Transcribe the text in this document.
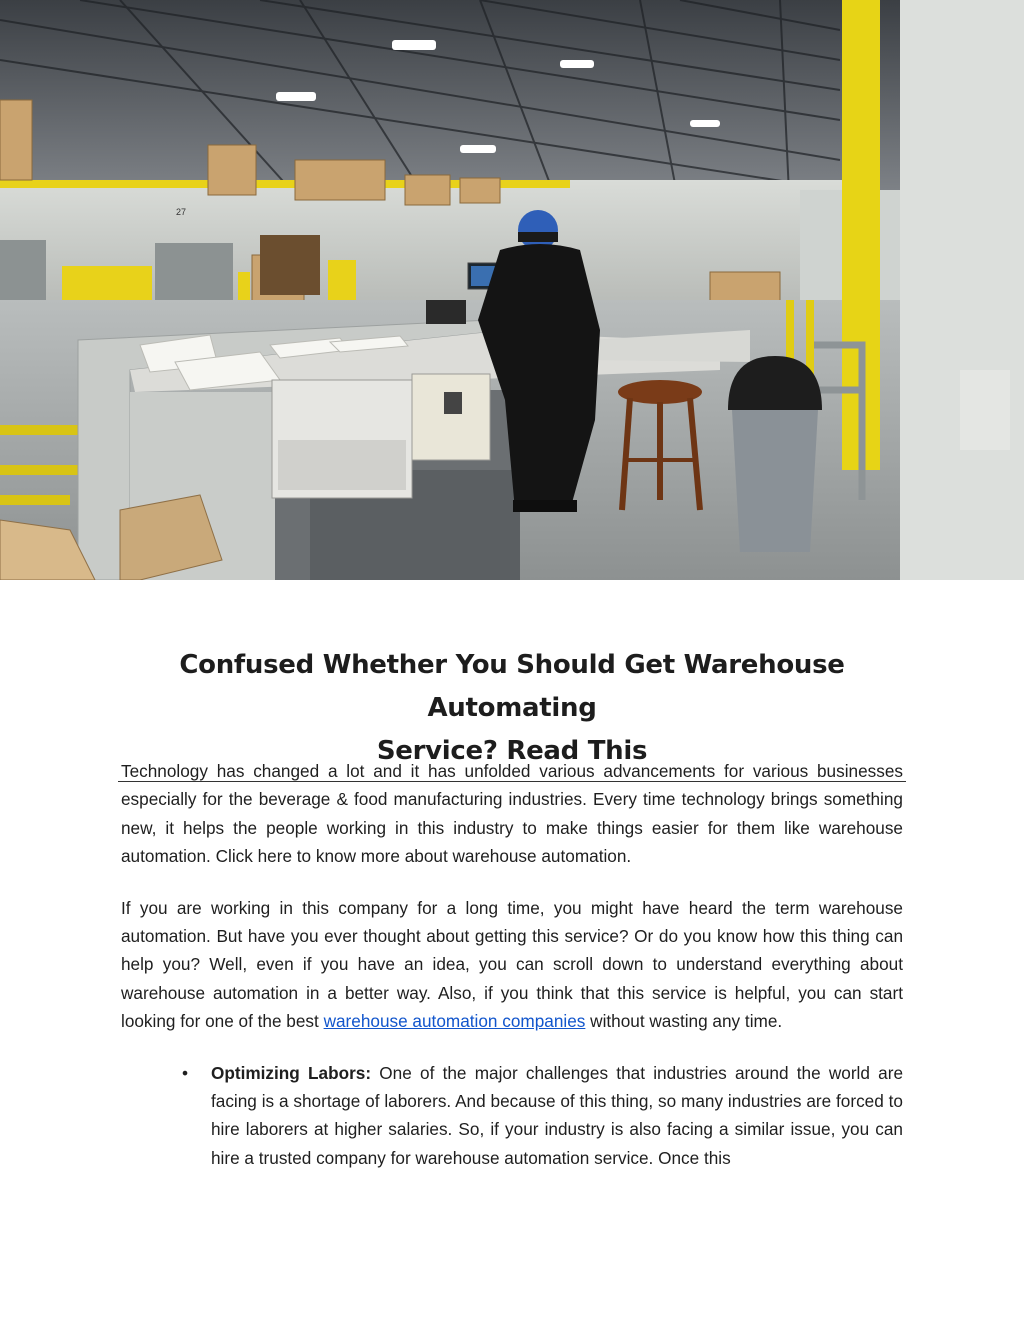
27
Confused Whether You Should Get Warehouse Automating
Service? Read This

Technology has changed a lot and it has unfolded various advancements for various businesses especially for the beverage & food manufacturing industries. Every time technology brings something new, it helps the people working in this industry to make things easier for them like warehouse automation. Click here to know more about warehouse automation.

If you are working in this company for a long time, you might have heard the term warehouse automation. But have you ever thought about getting this service? Or do you know how this thing can help you? Well, even if you have an idea, you can scroll down to understand everything about warehouse automation in a better way. Also, if you think that this service is helpful, you can start looking for one of the best warehouse automation companies without wasting any time.

• Optimizing Labors: One of the major challenges that industries around the world are facing is a shortage of laborers. And because of this thing, so many industries are forced to hire laborers at higher salaries. So, if your industry is also facing a similar issue, you can hire a trusted company for warehouse automation service. Once this
